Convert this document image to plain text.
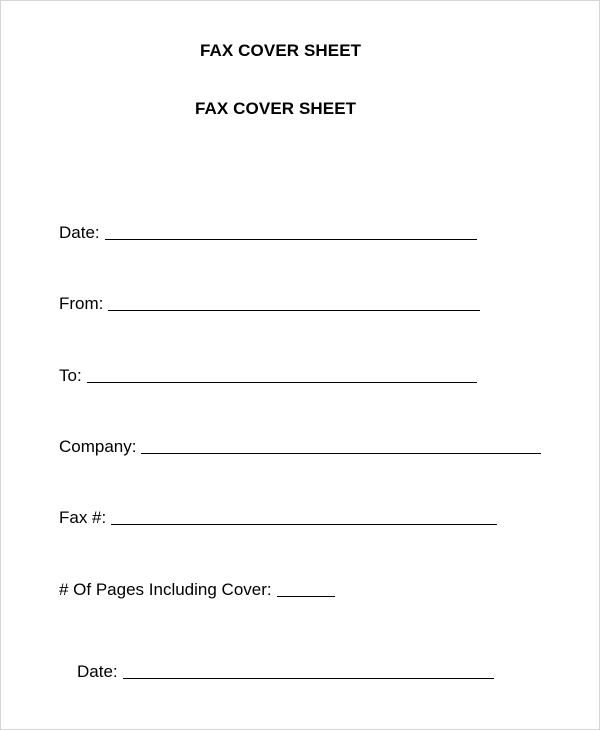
FAX COVER SHEET
FAX COVER SHEET
Date:
From:
To:
Company:
Fax #:
# Of Pages Including Cover:
Date:
